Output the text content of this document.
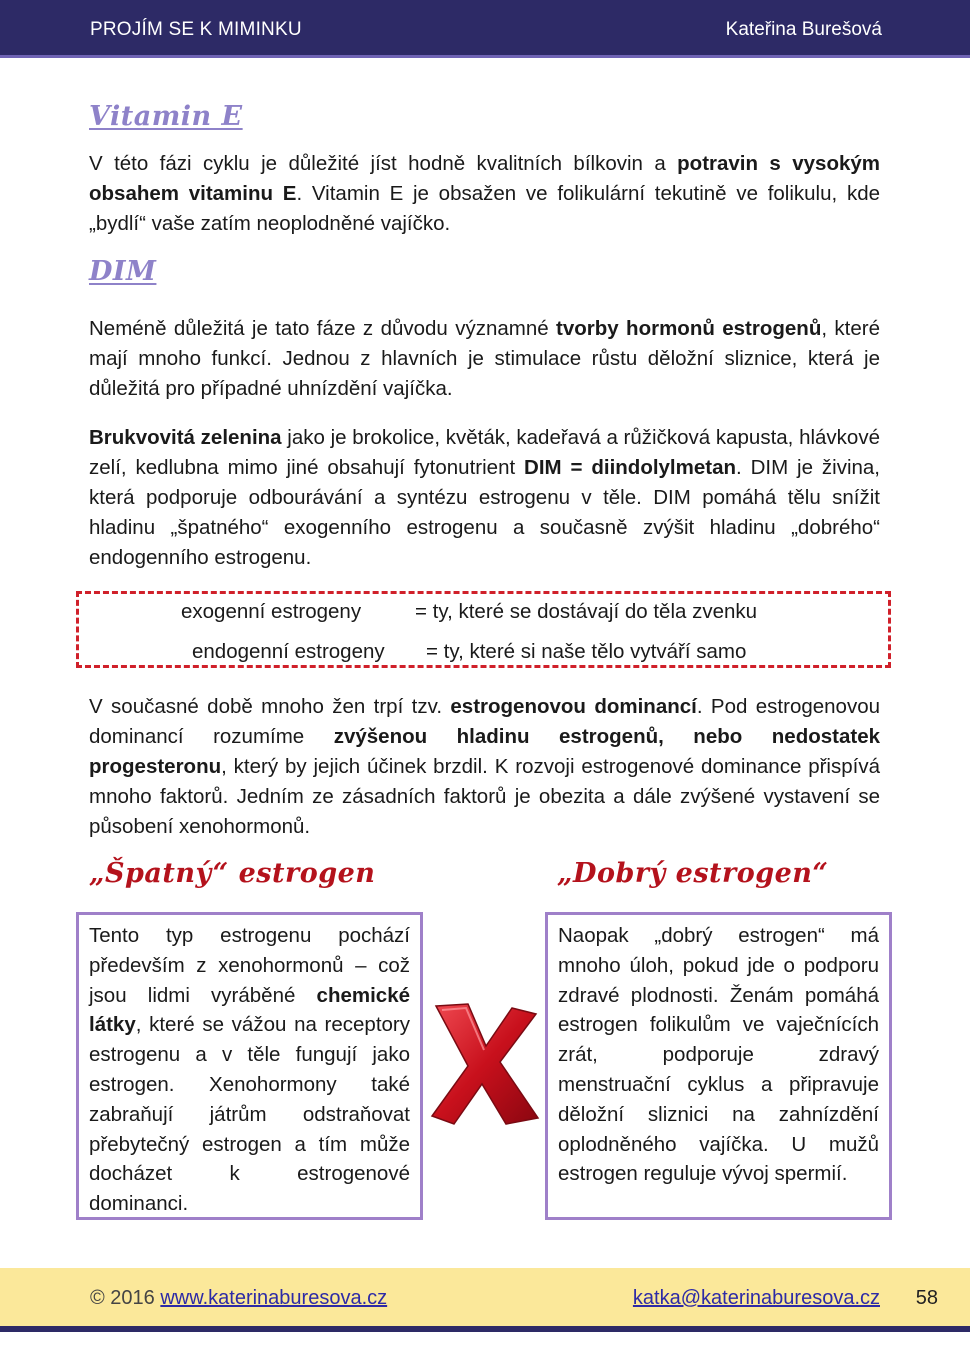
PROJÍM SE K MIMINKU	Kateřina Burešová
Vitamin E

V této fázi cyklu je důležité jíst hodně kvalitních bílkovin a potravin s vysokým obsahem vitaminu E. Vitamin E je obsažen ve folikulární tekutině ve folikulu, kde „bydlí“ vaše zatím neoplodněné vajíčko.

DIM

Neméně důležitá je tato fáze z důvodu významné tvorby hormonů estrogenů, které mají mnoho funkcí. Jednou z hlavních je stimulace růstu děložní sliznice, která je důležitá pro případné uhnízdění vajíčka.

Brukvovitá zelenina jako je brokolice, květák, kadeřavá a růžičková kapusta, hlávkové zelí, kedlubna mimo jiné obsahují fytonutrient DIM = diindolylmetan. DIM je živina, která podporuje odbourávání a syntézu estrogenu v těle. DIM pomáhá tělu snížit hladinu „špatného“ exogenního estrogenu a současně zvýšit hladinu „dobrého“ endogenního estrogenu.

exogenní estrogeny	= ty, které se dostávají do těla zvenku
endogenní estrogeny = ty, které si naše tělo vytváří samo

V současné době mnoho žen trpí tzv. estrogenovou dominancí. Pod estrogenovou dominancí rozumíme zvýšenou hladinu estrogenů, nebo nedostatek progesteronu, který by jejich účinek brzdil. K rozvoji estrogenové dominance přispívá mnoho faktorů. Jedním ze zásadních faktorů je obezita a dále zvýšené vystavení se působení xenohormonů.

„Špatný“ estrogen
Tento typ estrogenu pochází především z xenohormonů – což jsou lidmi vyráběné chemické látky, které se vážou na receptory estrogenu a v těle fungují jako estrogen. Xenohormony také zabraňují játrům odstraňovat přebytečný estrogen a tím může docházet k estrogenové dominanci.
„Dobrý estrogen“
Naopak „dobrý estrogen“ má mnoho úloh, pokud jde o podporu zdravé plodnosti. Ženám pomáhá estrogen folikulům ve vaječnících zrát, podporuje zdravý menstruační cyklus a připravuje děložní sliznici na zahnízdění oplodněného vajíčka. U mužů estrogen reguluje vývoj spermií.
© 2016 www.katerinaburesova.cz	katka@katerinaburesova.cz 58
